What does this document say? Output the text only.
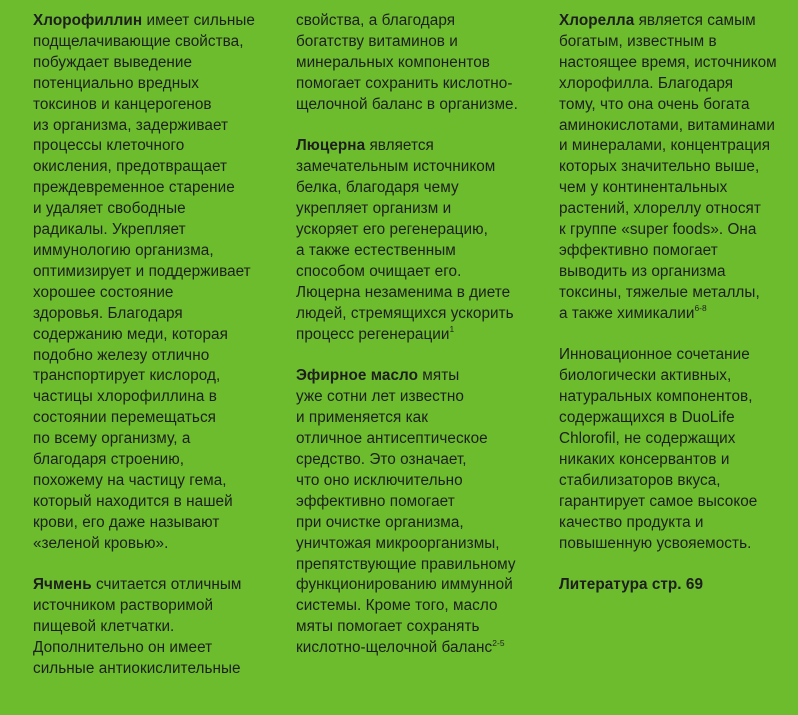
Хлорофиллин имеет сильные
подщелачивающие свойства,
побуждает выведение
потенциально вредных
токсинов и канцерогенов
из организма, задерживает
процессы клеточного
окисления, предотвращает
преждевременное старение
и удаляет свободные
радикалы. Укрепляет
иммунологию организма,
оптимизирует и поддерживает
хорошее состояние
здоровья. Благодаря
содержанию меди, которая
подобно железу отлично
транспортирует кислород,
частицы хлорофиллина в
состоянии перемещаться
по всему организму, а
благодаря строению,
похожему на частицу гема,
который находится в нашей
крови, его даже называют
«зеленой кровью».

Ячмень считается отличным
источником растворимой
пищевой клетчатки.
Дополнительно он имеет
сильные антиокислительные

свойства, а благодаря
богатству витаминов и
минеральных компонентов
помогает сохранить кислотно-
щелочной баланс в организме.

Люцерна является
замечательным источником
белка, благодаря чему
укрепляет организм и
ускоряет его регенерацию,
а также естественным
способом очищает его.
Люцерна незаменима в диете
людей, стремящихся ускорить
процесс регенерации$^1$

Эфирное масло мяты
уже сотни лет известно
и применяется как
отличное антисептическое
средство. Это означает,
что оно исключительно
эффективно помогает
при очистке организма,
уничтожая микроорганизмы,
препятствующие правильному
функционированию иммунной
системы. Кроме того, масло
мяты помогает сохранять
кислотно-щелочной баланс$^{2-5}$

Хлорелла является самым
богатым, известным в
настоящее время, источником
хлорофилла. Благодаря
тому, что она очень богата
аминокислотами, витаминами
и минералами, концентрация
которых значительно выше,
чем у континентальных
растений, хлореллу относят
к группе «super foods». Она
эффективно помогает
выводить из организма
токсины, тяжелые металлы,
а также химикалии$^{6-8}$

Инновационное сочетание
биологически активных,
натуральных компонентов,
содержащихся в DuoLife
Chlorofil, не содержащих
никаких консервантов и
стабилизаторов вкуса,
гарантирует самое высокое
качество продукта и
повышенную усвояемость.

Литература стр. 69
